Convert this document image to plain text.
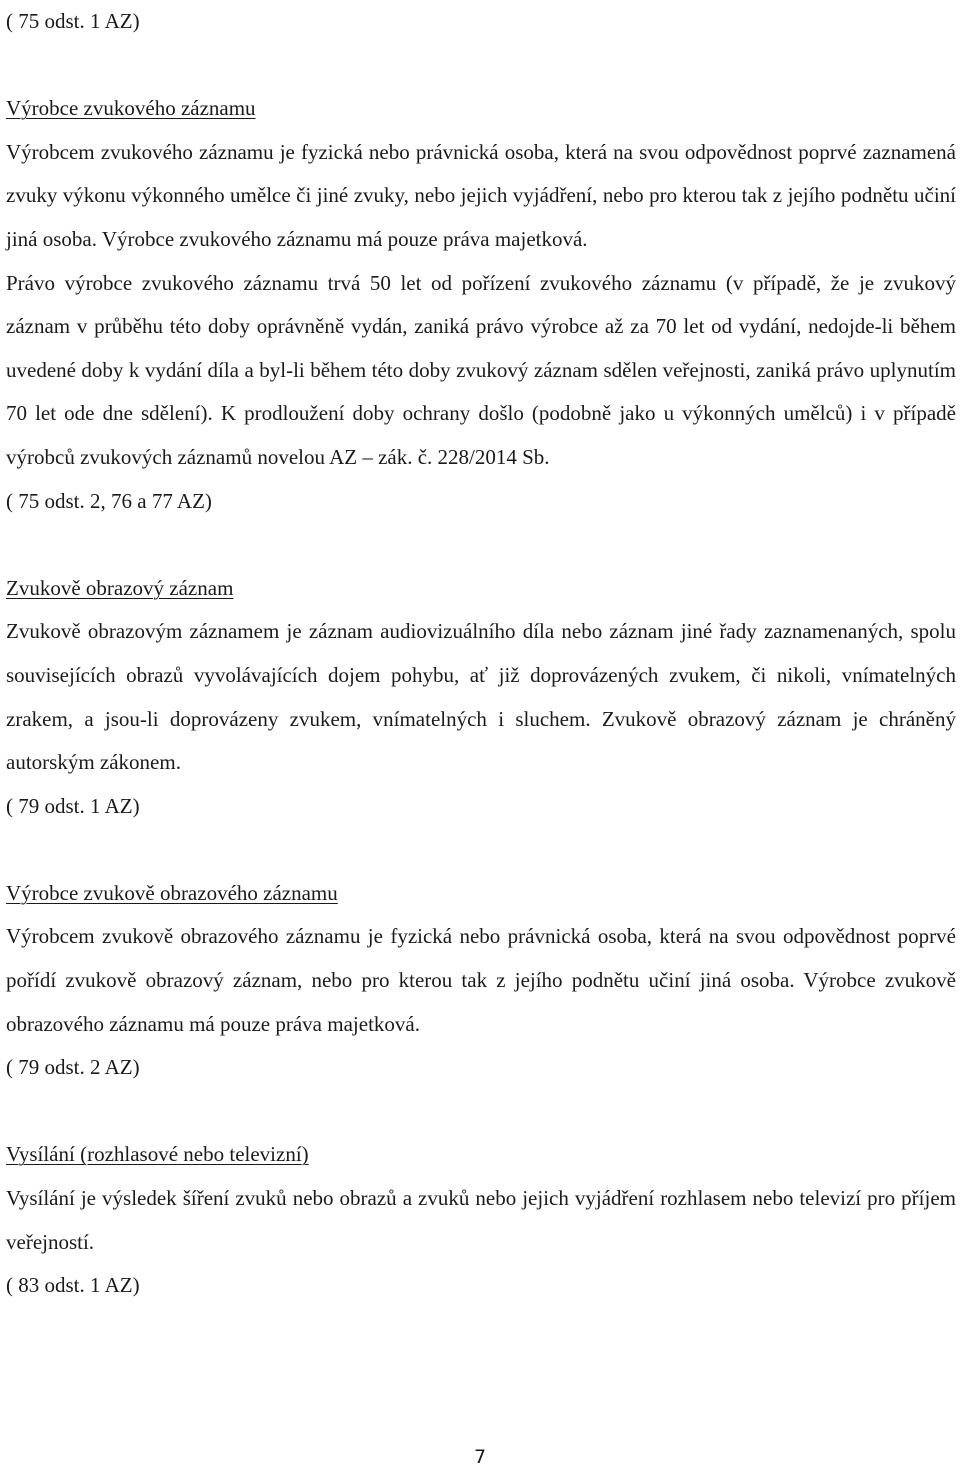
( 75 odst. 1 AZ)

Výrobce zvukového záznamu

Výrobcem zvukového záznamu je fyzická nebo právnická osoba, která na svou odpovědnost poprvé zaznamená zvuky výkonu výkonného umělce či jiné zvuky, nebo jejich vyjádření, nebo pro kterou tak z jejího podnětu učiní jiná osoba. Výrobce zvukového záznamu má pouze práva majetková.

Právo výrobce zvukového záznamu trvá 50 let od pořízení zvukového záznamu (v případě, že je zvukový záznam v průběhu této doby oprávněně vydán, zaniká právo výrobce až za 70 let od vydání, nedojde-li během uvedené doby k vydání díla a byl-li během této doby zvukový záznam sdělen veřejnosti, zaniká právo uplynutím 70 let ode dne sdělení). K prodloužení doby ochrany došlo (podobně jako u výkonných umělců) i v případě výrobců zvukových záznamů novelou AZ – zák. č. 228/2014 Sb.

( 75 odst. 2, 76 a 77 AZ)

Zvukově obrazový záznam

Zvukově obrazovým záznamem je záznam audiovizuálního díla nebo záznam jiné řady zaznamenaných, spolu souvisejících obrazů vyvolávajících dojem pohybu, ať již doprovázených zvukem, či nikoli, vnímatelných zrakem, a jsou-li doprovázeny zvukem, vnímatelných i sluchem. Zvukově obrazový záznam je chráněný autorským zákonem.

( 79 odst. 1 AZ)

Výrobce zvukově obrazového záznamu

Výrobcem zvukově obrazového záznamu je fyzická nebo právnická osoba, která na svou odpovědnost poprvé pořídí zvukově obrazový záznam, nebo pro kterou tak z jejího podnětu učiní jiná osoba. Výrobce zvukově obrazového záznamu má pouze práva majetková.

( 79 odst. 2 AZ)

Vysílání (rozhlasové nebo televizní)

Vysílání je výsledek šíření zvuků nebo obrazů a zvuků nebo jejich vyjádření rozhlasem nebo televizí pro příjem veřejností.

( 83 odst. 1 AZ)

7
